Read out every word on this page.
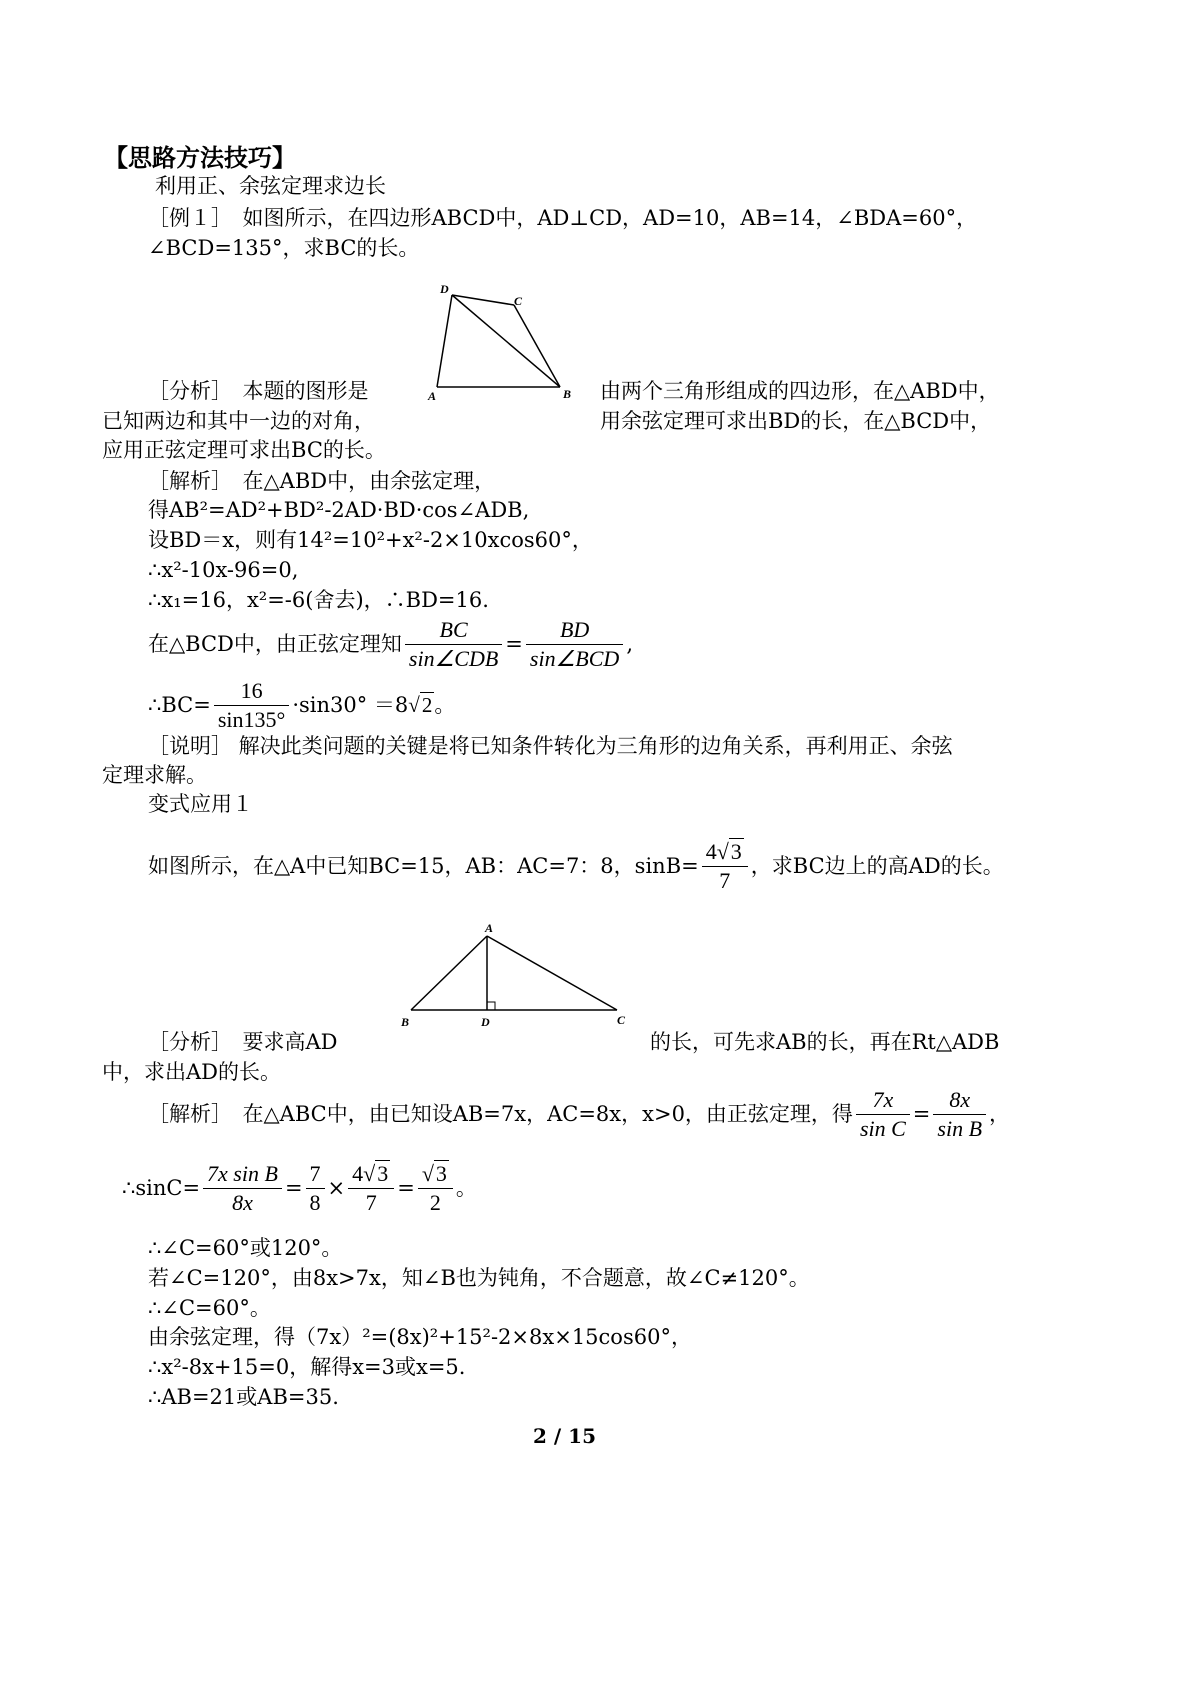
【思路方法技巧】
利用正、余弦定理求边长
［例１］　如图所示，在四边形ABCD中，AD⊥CD，AD=10，AB=14，∠BDA=60°，
∠BCD=135°，求BC的长。
D
C
A	B
［分析］　本题的图形是	由两个三角形组成的四边形，在△ABD中，
已知两边和其中一边的对角，	用余弦定理可求出BD的长，在△BCD中，
应用正弦定理可求出BC的长。
［解析］　在△ABD中，由余弦定理，
得AB²=AD²+BD²-2AD·BD·cos∠ADB,
设BD＝x，则有14²=10²+x²-2×10xcos60°，
∴x²-10x-96=0,
∴x₁=16，x²=-6(舍去)，∴BD=16.
在△BCD中，由正弦定理知 $\frac{BC}{\text{sin∠CDB}} = \frac{BD}{\text{sin∠BCD}}$ ,
∴BC= $\frac{16}{\sin 135^\circ} \cdot\sin 30^\circ =8√2$。
［说明］ 解决此类问题的关键是将已知条件转化为三角形的边角关系，再利用正、余弦
定理求解。
变式应用１
如图所示，在△A中已知BC=15，AB：AC=7：8，$\sin B= \frac{4√3}{7}$ ，求BC边上的高AD的长。
A
B	D	C
［分析］　要求高AD	的长，可先求AB的长，再在Rt△ADB
中，求出AD的长。
［解析］　在△ABC中，由已知设AB=7x，AC=8x，x>0，由正弦定理，得 $\frac{7x}{\text{sin C}} = \frac{8x}{\text{sin B}}$ ，
∴sinC= $\frac{\text{7x sin B}}{8x} = \frac{7}{8} \times \frac{4√3}{7} = \frac{√3}{2}$ 。
∴∠C=60°或120°。
若∠C=120°，由8x>7x，知∠B也为钝角，不合题意，故∠C≠120°。
∴∠C=60°。
由余弦定理，得（7x）²=(8x)²+15²-2×8x×15cos60°，
∴x²-8x+15=0，解得x=3或x=5.
∴AB=21或AB=35.
2 / 15
